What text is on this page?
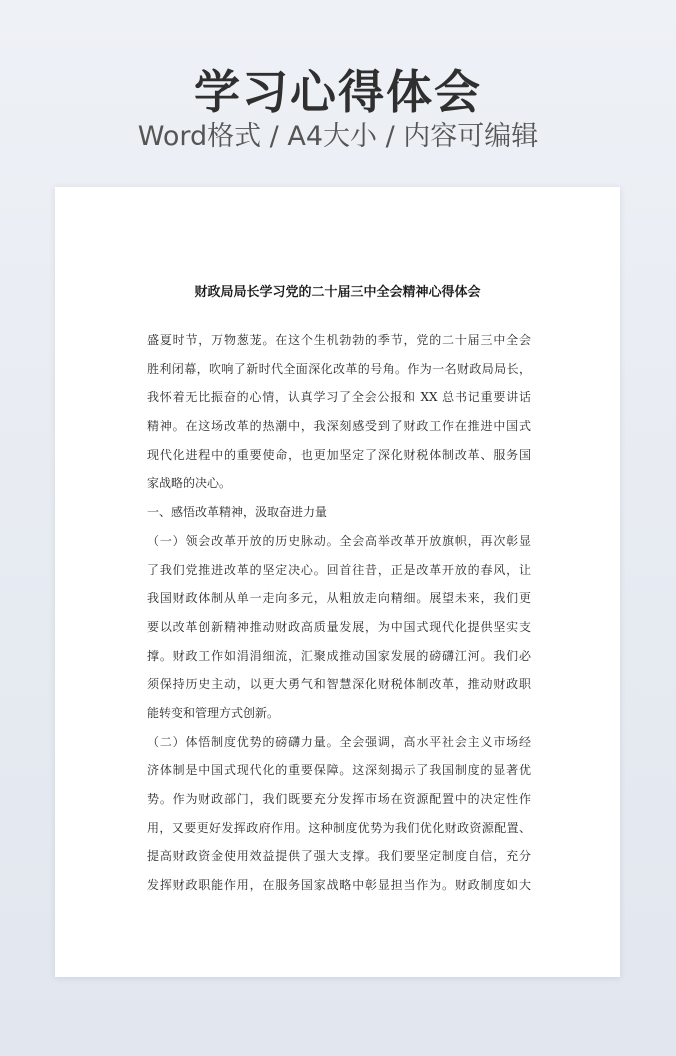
学习心得体会
Word格式 / A4大小 / 内容可编辑
财政局局长学习党的二十届三中全会精神心得体会
盛夏时节，万物葱茏。在这个生机勃勃的季节，党的二十届三中全会
胜利闭幕，吹响了新时代全面深化改革的号角。作为一名财政局局长，
我怀着无比振奋的心情，认真学习了全会公报和 XX 总书记重要讲话
精神。在这场改革的热潮中，我深刻感受到了财政工作在推进中国式
现代化进程中的重要使命，也更加坚定了深化财税体制改革、服务国
家战略的决心。
一、感悟改革精神，汲取奋进力量
（一）领会改革开放的历史脉动。全会高举改革开放旗帜，再次彰显
了我们党推进改革的坚定决心。回首往昔，正是改革开放的春风，让
我国财政体制从单一走向多元，从粗放走向精细。展望未来，我们更
要以改革创新精神推动财政高质量发展，为中国式现代化提供坚实支
撑。财政工作如涓涓细流，汇聚成推动国家发展的磅礴江河。我们必
须保持历史主动，以更大勇气和智慧深化财税体制改革，推动财政职
能转变和管理方式创新。
（二）体悟制度优势的磅礴力量。全会强调，高水平社会主义市场经
济体制是中国式现代化的重要保障。这深刻揭示了我国制度的显著优
势。作为财政部门，我们既要充分发挥市场在资源配置中的决定性作
用，又要更好发挥政府作用。这种制度优势为我们优化财政资源配置、
提高财政资金使用效益提供了强大支撑。我们要坚定制度自信，充分
发挥财政职能作用，在服务国家战略中彰显担当作为。财政制度如大
